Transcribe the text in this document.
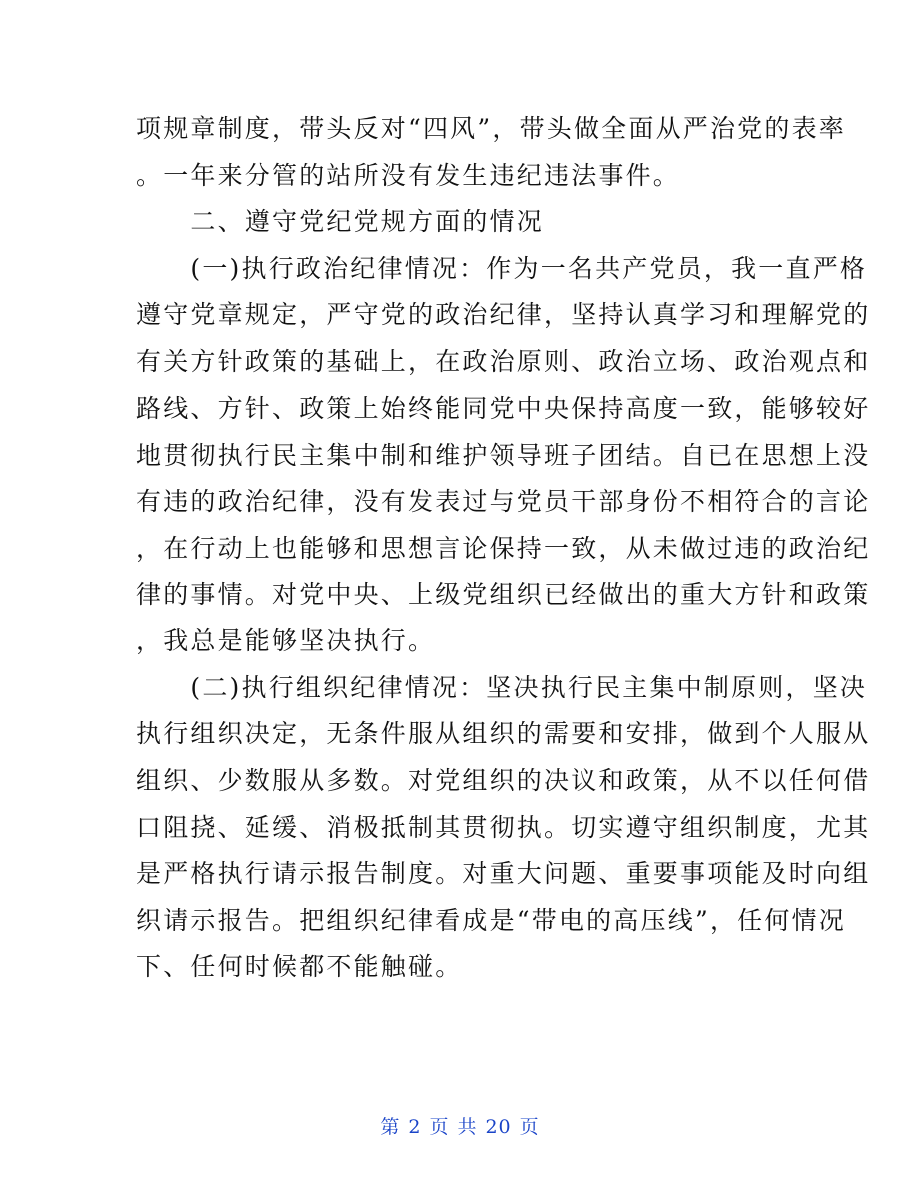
项规章制度，带头反对“四风”，带头做全面从严治党的表率
。一年来分管的站所没有发生违纪违法事件。
　　二、遵守党纪党规方面的情况
　　(一)执行政治纪律情况：作为一名共产党员，我一直严格
遵守党章规定，严守党的政治纪律，坚持认真学习和理解党的
有关方针政策的基础上，在政治原则、政治立场、政治观点和
路线、方针、政策上始终能同党中央保持高度一致，能够较好
地贯彻执行民主集中制和维护领导班子团结。自已在思想上没
有违的政治纪律，没有发表过与党员干部身份不相符合的言论
，在行动上也能够和思想言论保持一致，从未做过违的政治纪
律的事情。对党中央、上级党组织已经做出的重大方针和政策
，我总是能够坚决执行。
　　(二)执行组织纪律情况：坚决执行民主集中制原则，坚决
执行组织决定，无条件服从组织的需要和安排，做到个人服从
组织、少数服从多数。对党组织的决议和政策，从不以任何借
口阻挠、延缓、消极抵制其贯彻执。切实遵守组织制度，尤其
是严格执行请示报告制度。对重大问题、重要事项能及时向组
织请示报告。把组织纪律看成是“带电的高压线”，任何情况
下、任何时候都不能触碰。
第 2 页 共 20 页
